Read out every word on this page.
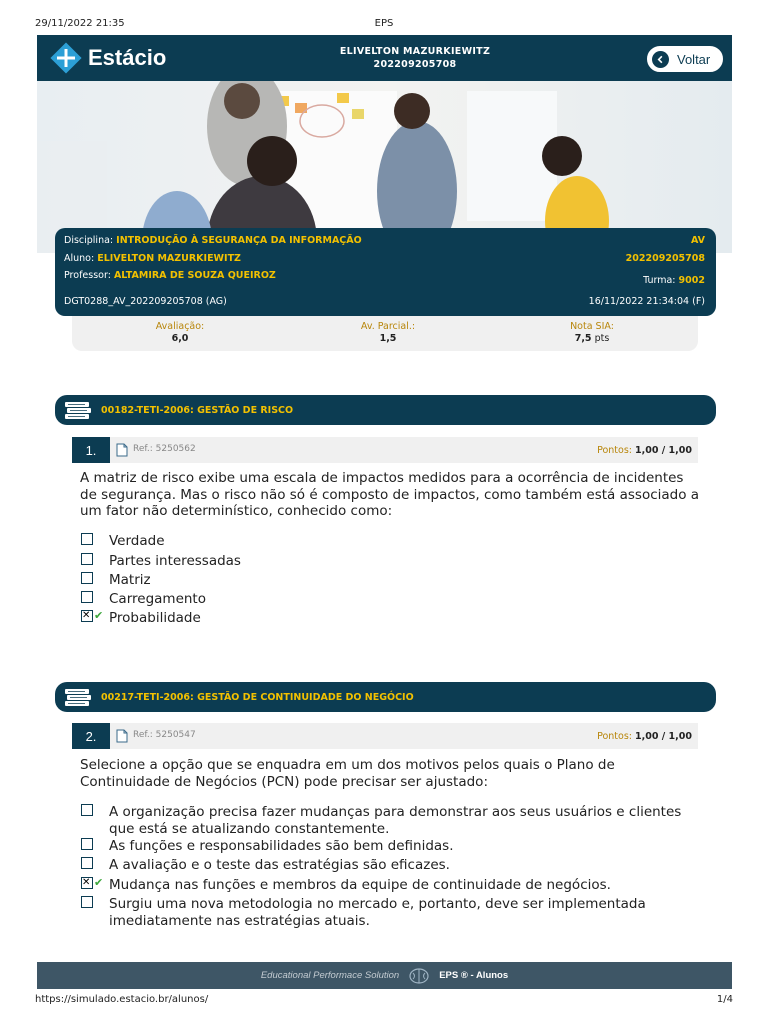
29/11/2022 21:35	EPS
Estácio	ELIVELTON MAZURKIEWITZ
202209205708	Voltar
Disciplina: INTRODUÇÃO À SEGURANÇA DA INFORMAÇÃO	AV
Aluno: ELIVELTON MAZURKIEWITZ	202209205708
Professor: ALTAMIRA DE SOUZA QUEIROZ	Turma: 9002
DGT0288_AV_202209205708 (AG)	16/11/2022 21:34:04 (F)
Avaliação:
6,0
Av. Parcial.:
1,5
Nota SIA:
7,5 pts
00182-TETI-2006: GESTÃO DE RISCO
1.	Ref.: 5250562	Pontos: 1,00 / 1,00
A matriz de risco exibe uma escala de impactos medidos para a ocorrência de incidentes de segurança. Mas o risco não só é composto de impactos, como também está associado a um fator não determinístico, conhecido como:
Verdade
Partes interessadas
Matriz
Carregamento
✕
✔ Probabilidade
00217-TETI-2006: GESTÃO DE CONTINUIDADE DO NEGÓCIO
2.	Ref.: 5250547	Pontos: 1,00 / 1,00
Selecione a opção que se enquadra em um dos motivos pelos quais o Plano de Continuidade de Negócios (PCN) pode precisar ser ajustado:
A organização precisa fazer mudanças para demonstrar aos seus usuários e clientes que está se atualizando constantemente.
As funções e responsabilidades são bem definidas.
A avaliação e o teste das estratégias são eficazes.
✕
✔ Mudança nas funções e membros da equipe de continuidade de negócios.
Surgiu uma nova metodologia no mercado e, portanto, deve ser implementada imediatamente nas estratégias atuais.
Educational Performace Solution	EPS ® - Alunos
https://simulado.estacio.br/alunos/	1/4
